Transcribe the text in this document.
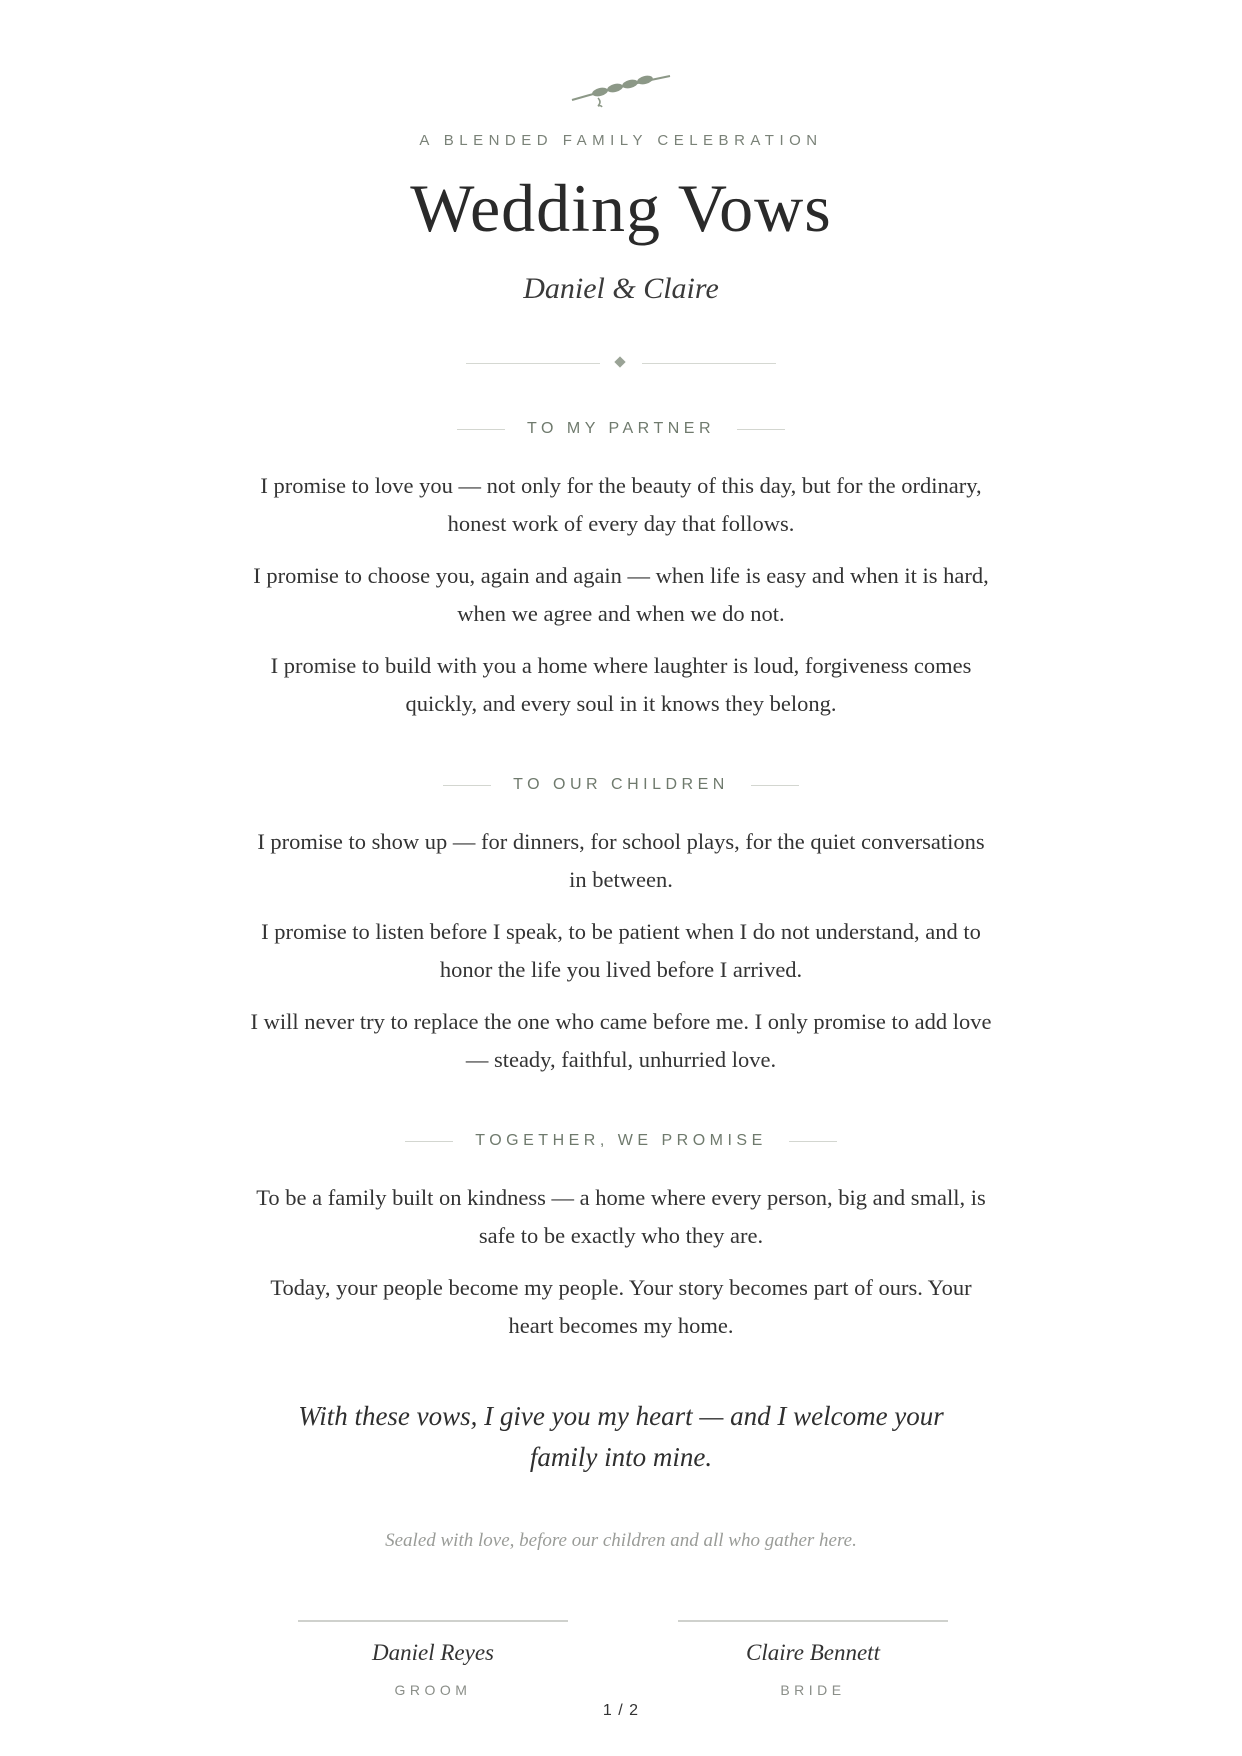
A BLENDED FAMILY CELEBRATION
Wedding Vows
Daniel & Claire
TO MY PARTNER
I promise to love you — not only for the beauty of this day, but for the ordinary, honest work of every day that follows.
I promise to choose you, again and again — when life is easy and when it is hard, when we agree and when we do not.
I promise to build with you a home where laughter is loud, forgiveness comes quickly, and every soul in it knows they belong.
TO OUR CHILDREN
I promise to show up — for dinners, for school plays, for the quiet conversations in between.
I promise to listen before I speak, to be patient when I do not understand, and to honor the life you lived before I arrived.
I will never try to replace the one who came before me. I only promise to add love — steady, faithful, unhurried love.
TOGETHER, WE PROMISE
To be a family built on kindness — a home where every person, big and small, is safe to be exactly who they are.
Today, your people become my people. Your story becomes part of ours. Your heart becomes my home.
With these vows, I give you my heart — and I welcome your family into mine.
Sealed with love, before our children and all who gather here.
Daniel Reyes
GROOM
Claire Bennett
BRIDE
1 / 2
